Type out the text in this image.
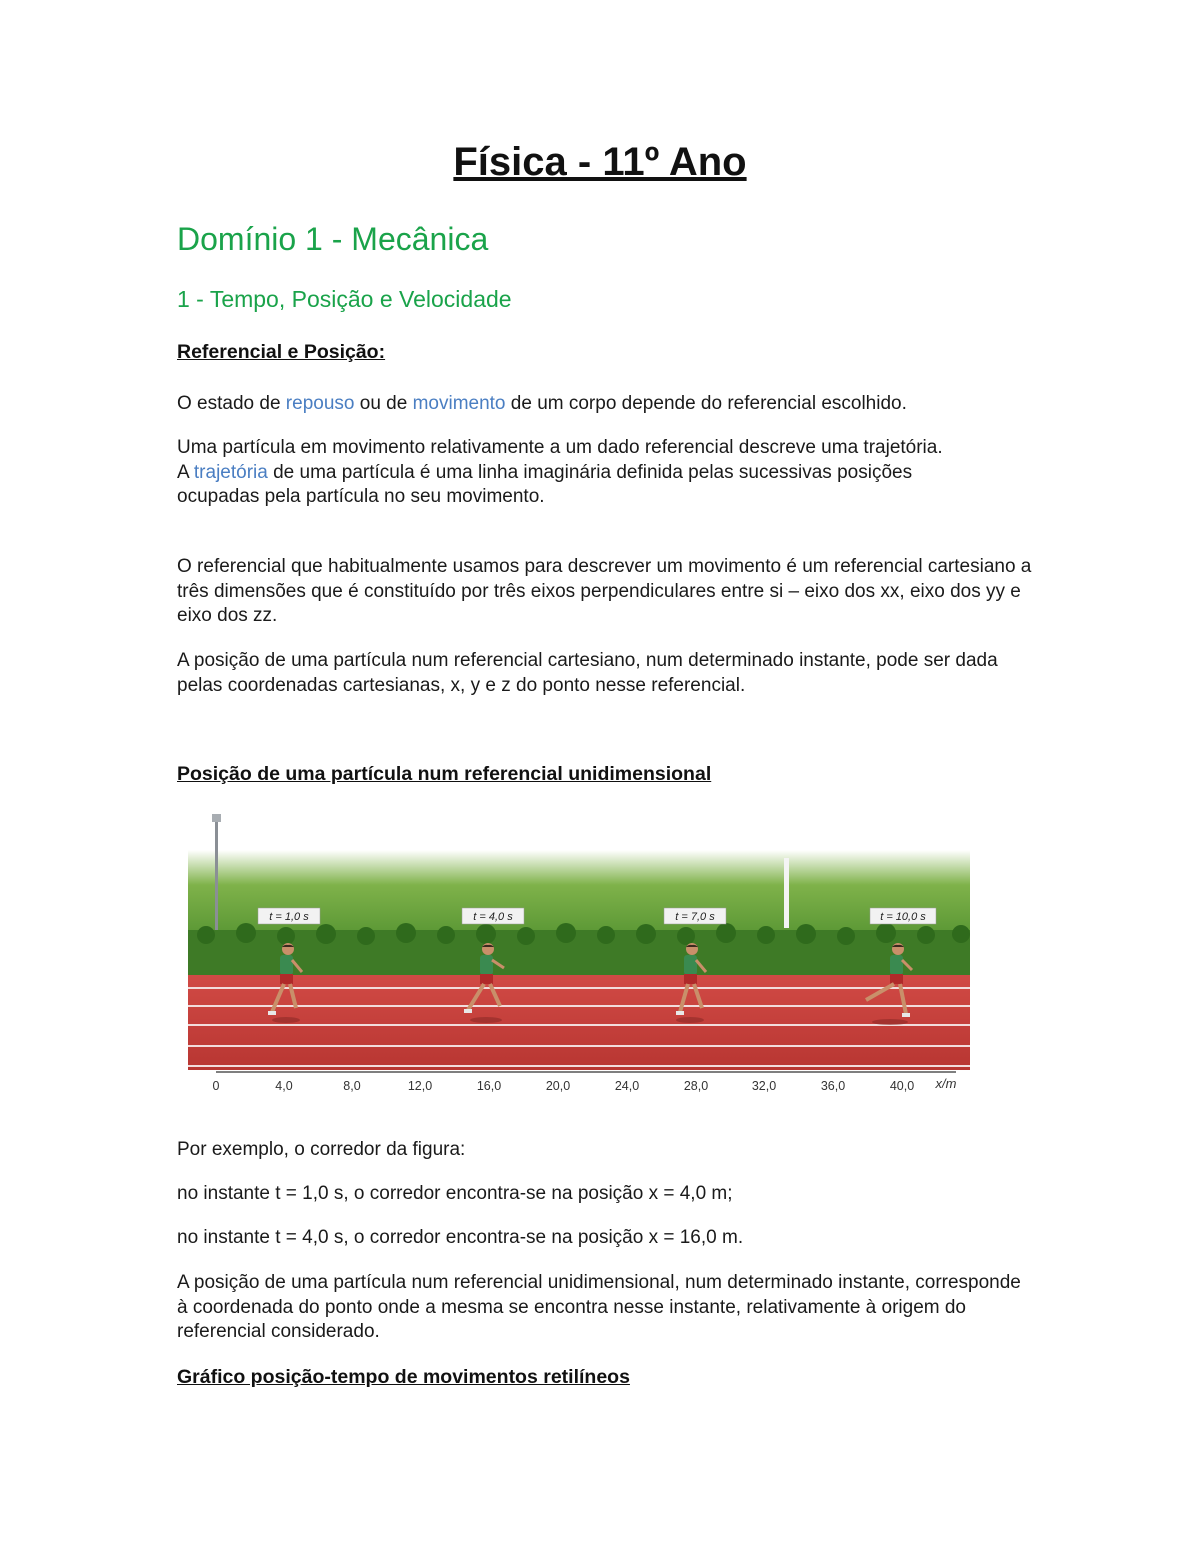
Física - 11º Ano
Domínio 1 - Mecânica
1 - Tempo, Posição e Velocidade
Referencial e Posição:
O estado de repouso ou de movimento de um corpo depende do referencial escolhido.
Uma partícula em movimento relativamente a um dado referencial descreve uma trajetória.
A trajetória de uma partícula é uma linha imaginária definida pelas sucessivas posições ocupadas pela partícula no seu movimento.
O referencial que habitualmente usamos para descrever um movimento é um referencial cartesiano a três dimensões que é constituído por três eixos perpendiculares entre si – eixo dos xx, eixo dos yy e eixo dos zz.
A posição de uma partícula num referencial cartesiano, num determinado instante, pode ser dada pelas coordenadas cartesianas, x, y e z do ponto nesse referencial.
Posição de uma partícula num referencial unidimensional
t = 1,0 s	t = 4,0 s	t = 7,0 s	t = 10,0 s
0	4,0	8,0	12,0	16,0	20,0	24,0	28,0	32,0	36,0	40,0 x/m
Por exemplo, o corredor da figura:
no instante t = 1,0 s, o corredor encontra-se na posição x = 4,0 m;
no instante t = 4,0 s, o corredor encontra-se na posição x = 16,0 m.
A posição de uma partícula num referencial unidimensional, num determinado instante, corresponde à coordenada do ponto onde a mesma se encontra nesse instante, relativamente à origem do referencial considerado.
Gráfico posição-tempo de movimentos retilíneos
